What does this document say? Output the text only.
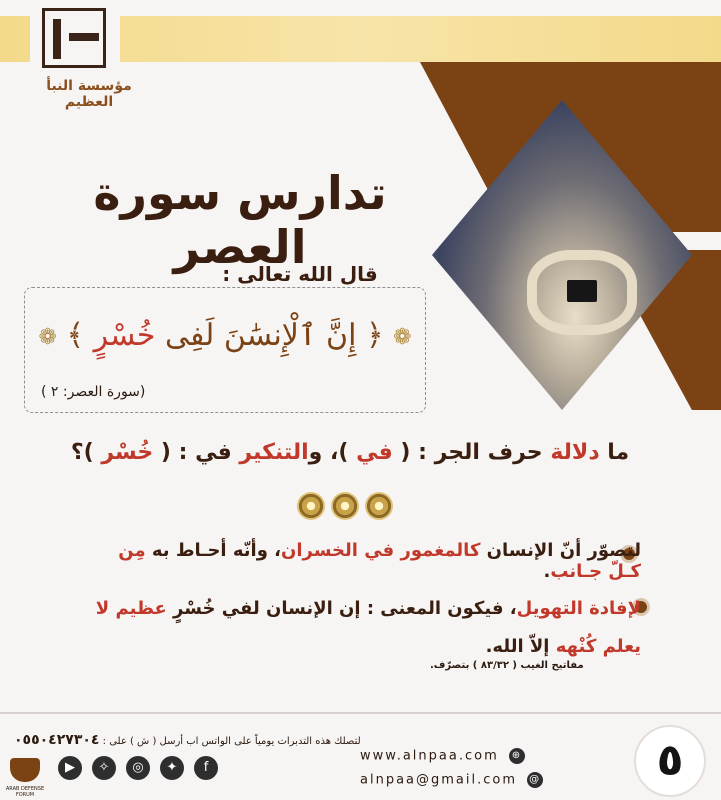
مؤسسة النبأ العظيم
تدارس سورة العصر
قال الله تعالى :
❁ ﴿ إِنَّ ٱلْإِنسَٰنَ لَفِى خُسْرٍ ﴾ ❁
(سورة العصر: ٢ )
ما دلالة حرف الجر : ( في )، والتنكير في : ( خُسْر )؟
لتصوّر أنّ الإنسان كالمغمور في الخسران، وأنّه أحـاط به مِن كـلّ جـانب.
لإفادة التهويل، فيكون المعنى : إن الإنسان لفي خُسْرٍ عظيم لا يعلم كُنْهه إلاّ الله.
مفاتيح الغيب ( ٨٣/٣٢ ) بتصرّف.
لتصلك هذه التدبرات يومياً على الواتس اب أرسل ( ش ) على : ٠٥٥٠٤٢٧٣٠٤
ARAB DEFENSE FORUM
▶	✧	◎	✦	f
www.alnpaa.com ⊕
alnpaa@gmail.com @	٥
